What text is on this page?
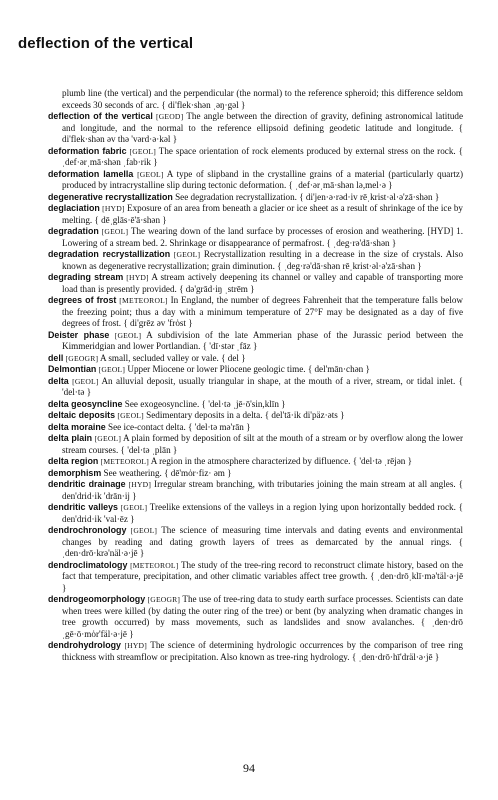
deflection of the vertical

plumb line (the vertical) and the perpendicular (the normal) to the reference spheroid; this difference seldom exceeds 30 seconds of arc. { di'flek·shən ˌəŋ·gəl }

deflection of the vertical [GEOD] The angle between the direction of gravity, defining astronomical latitude and longitude, and the normal to the reference ellipsoid defining geodetic latitude and longitude. { di'flek·shən əv thə 'vərd·ə·kəl }

deformation fabric [GEOL] The space orientation of rock elements produced by external stress on the rock. { ˌdef·ərˌmā·shən ˌfab·rik }

deformation lamella [GEOL] A type of slipband in the crystalline grains of a material (particularly quartz) produced by intracrystalline slip during tectonic deformation. { ˌdef·ərˌmā·shən lə,mel·ə }

degenerative recrystallization See degradation recrystallization. { di'jen·ə·rəd·iv rēˌkrist·əl·ə'zā·shən }

deglaciation [HYD] Exposure of an area from beneath a glacier or ice sheet as a result of shrinkage of the ice by melting. { dēˌglās·ē'ā·shən }

degradation [GEOL] The wearing down of the land surface by processes of erosion and weathering. [HYD] 1. Lowering of a stream bed. 2. Shrinkage or disappearance of permafrost. { ˌdeg·rə'dā·shən }

degradation recrystallization [GEOL] Recrystallization resulting in a decrease in the size of crystals. Also known as degenerative recrystallization; grain diminution. { ˌdeg·rə'dā·shən rēˌkrist·əl·ə'zā·shən }

degrading stream [HYD] A stream actively deepening its channel or valley and capable of transporting more load than is presently provided. { də'grād·iŋ ˌstrēm }

degrees of frost [METEOROL] In England, the number of degrees Fahrenheit that the temperature falls below the freezing point; thus a day with a minimum temperature of 27°F may be designated as a day of five degrees of frost. { di'grēz əv 'frȯst }

Deister phase [GEOL] A subdivision of the late Ammerian phase of the Jurassic period between the Kimmeridgian and lower Portlandian. { 'dī·stər ˌfāz }

dell [GEOGR] A small, secluded valley or vale. { del }

Delmontian [GEOL] Upper Miocene or lower Pliocene geologic time. { del'mān·chən }

delta [GEOL] An alluvial deposit, usually triangular in shape, at the mouth of a river, stream, or tidal inlet. { 'del·tə }

delta geosyncline See exogeosyncline. { 'del·tə ˌjē·ō'sin,klīn }

deltaic deposits [GEOL] Sedimentary deposits in a delta. { del'tā·ik di'päz·əts }

delta moraine See ice-contact delta. { 'del·tə mə'rān }

delta plain [GEOL] A plain formed by deposition of silt at the mouth of a stream or by overflow along the lower stream courses. { 'del·tə ˌplān }

delta region [METEOROL] A region in the atmosphere characterized by difluence. { 'del·tə ˌrējən }

demorphism See weathering. { dē'mȯr·fiz· əm }

dendritic drainage [HYD] Irregular stream branching, with tributaries joining the main stream at all angles. { den'drid·ik 'drān·ij }

dendritic valleys [GEOL] Treelike extensions of the valleys in a region lying upon horizontally bedded rock. { den'drid·ik 'val·ēz }

dendrochronology [GEOL] The science of measuring time intervals and dating events and environmental changes by reading and dating growth layers of trees as demarcated by the annual rings. { ˌden·drō·krə'näl·ə·jē }

dendroclimatology [METEOROL] The study of the tree-ring record to reconstruct climate history, based on the fact that temperature, precipitation, and other climatic variables affect tree growth. { ˌden·drōˌklī·mə'täl·ə·jē }

dendrogeomorphology [GEOGR] The use of tree-ring data to study earth surface processes. Scientists can date when trees were killed (by dating the outer ring of the tree) or bent (by analyzing when dramatic changes in tree growth occurred) by mass movements, such as landslides and snow avalanches. { ˌden·drōˌgē·ō·mȯr'fäl·ə·jē }

dendrohydrology [HYD] The science of determining hydrologic occurrences by the comparison of tree ring thickness with streamflow or precipitation. Also known as tree-ring hydrology. { ˌden·drō·hī'dräl·ə·jē }

94
